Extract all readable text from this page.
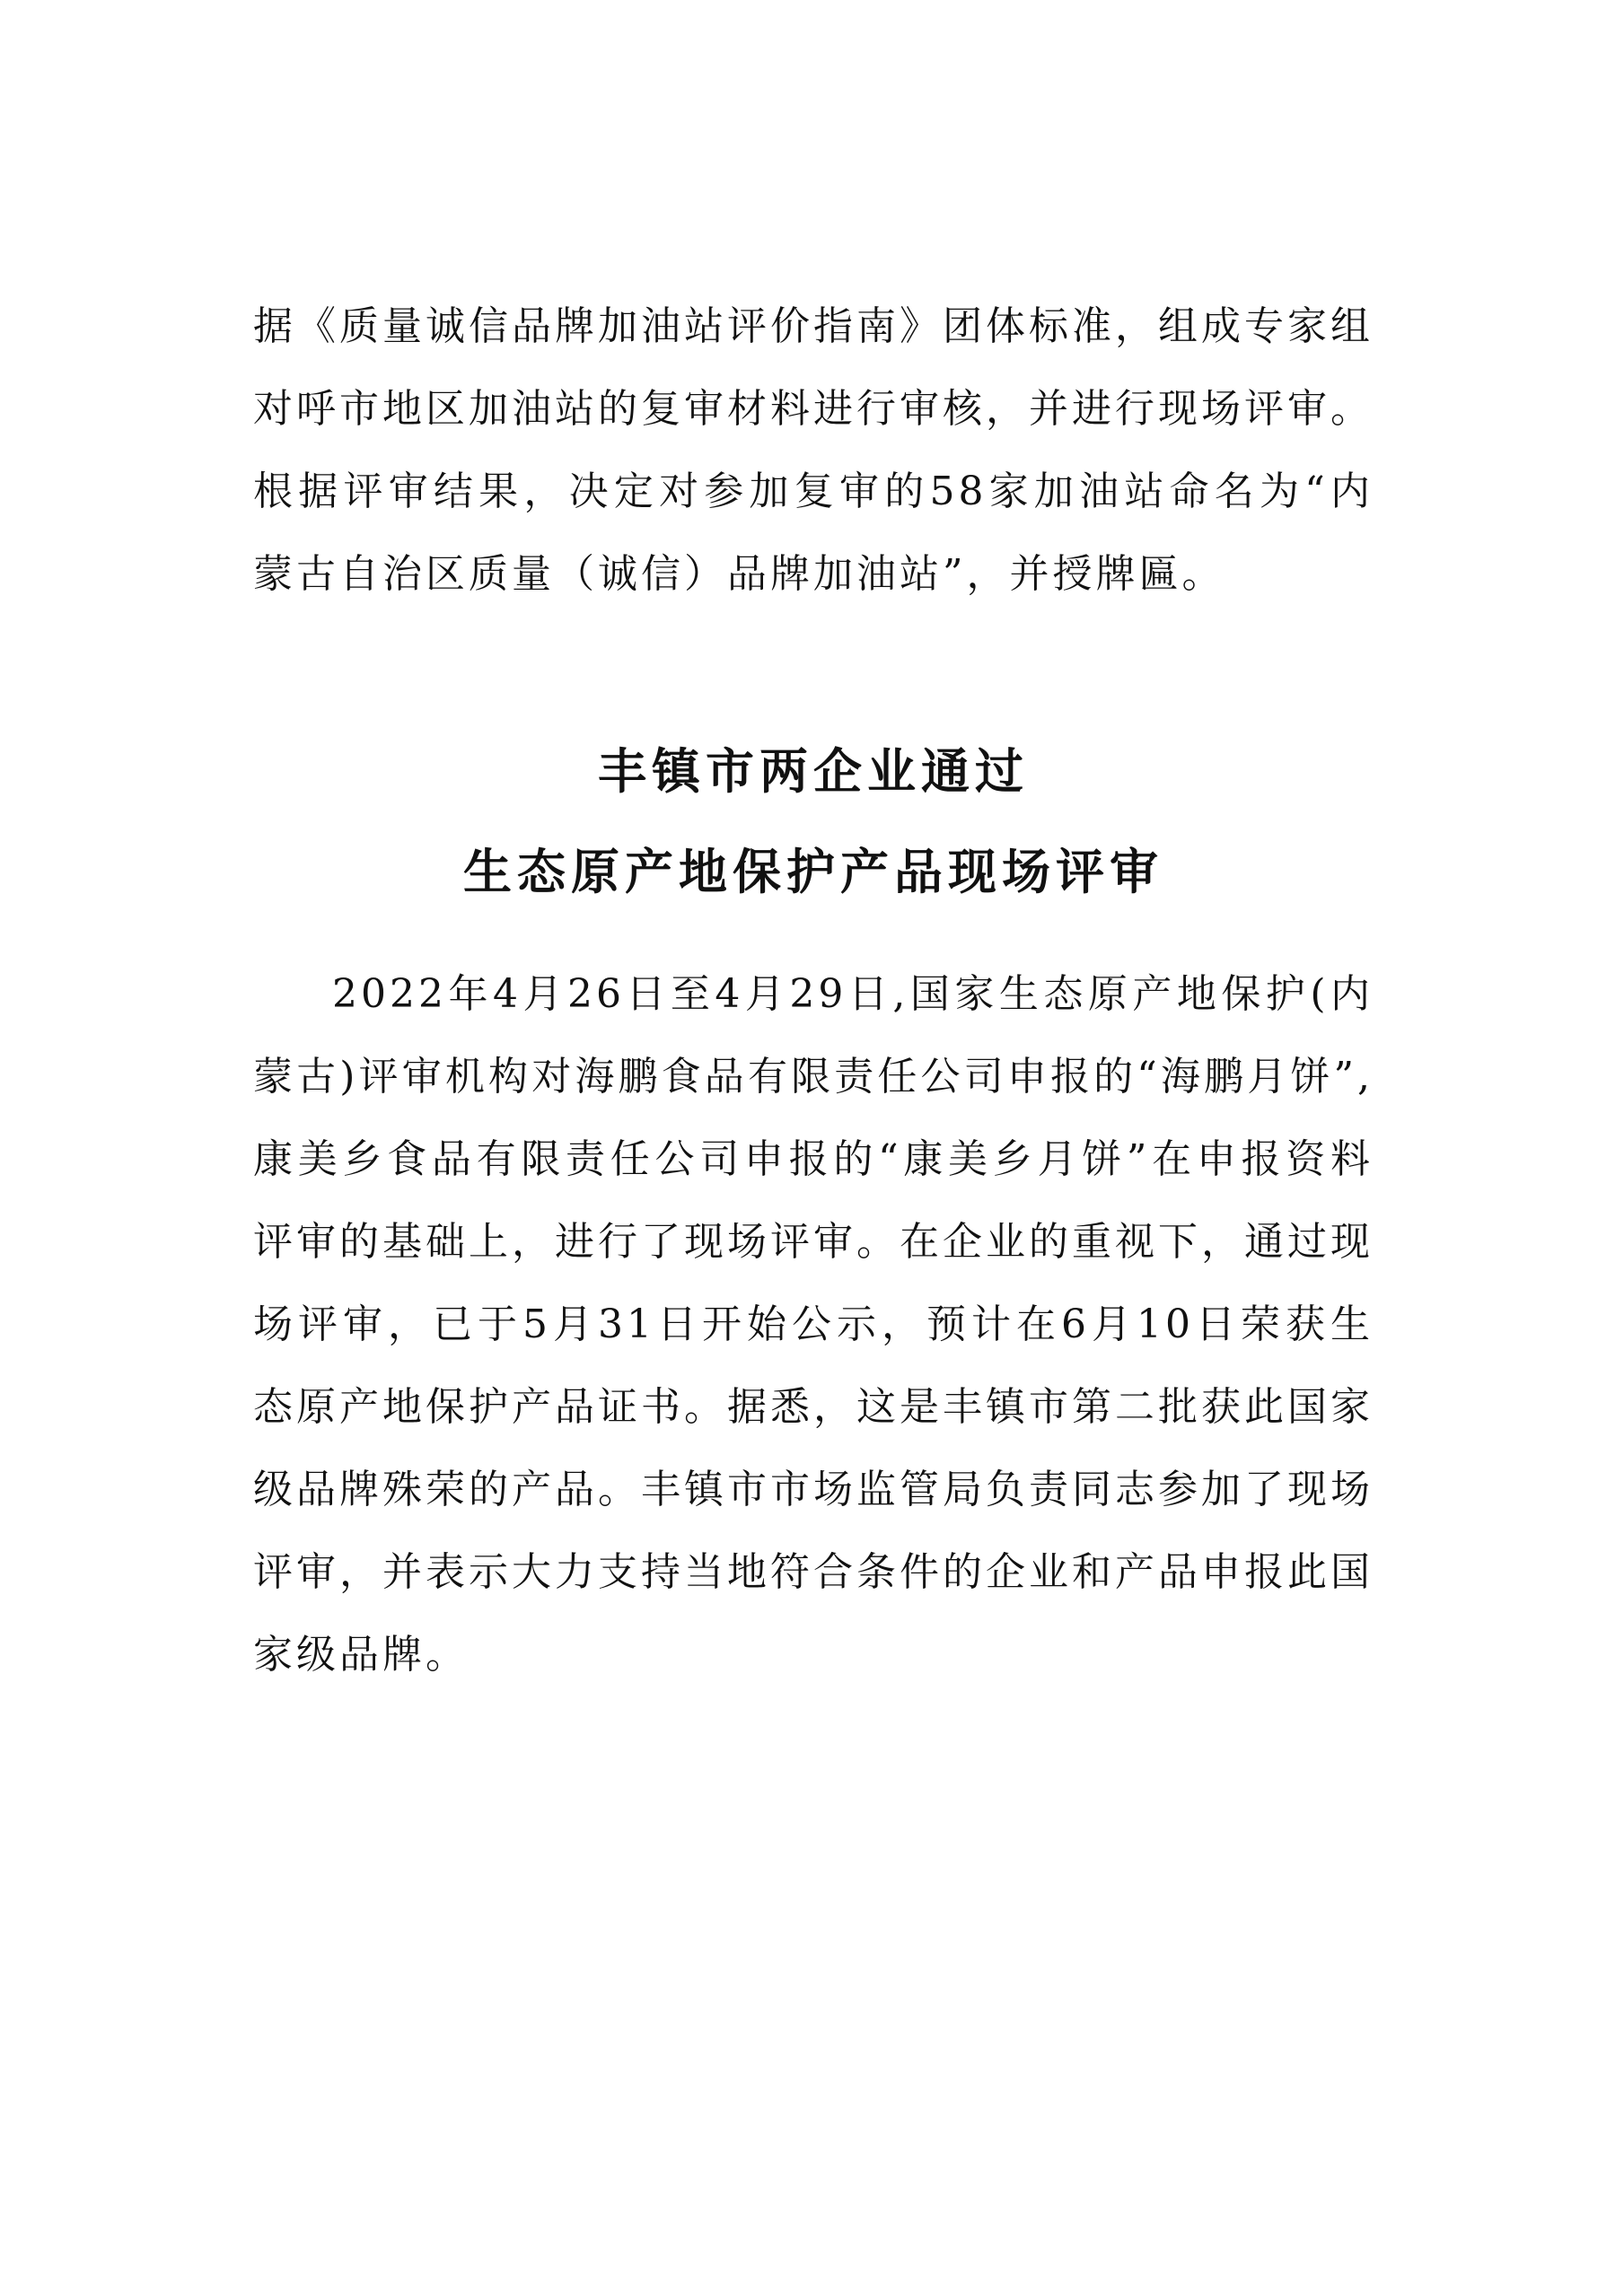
据《质量诚信品牌加油站评价指南》团体标准，组成专家组
对呼市地区加油站的复审材料进行审核，并进行现场评审。
根据评审结果，决定对参加复审的58家加油站命名为“内
蒙古自治区质量（诚信）品牌加油站”，并授牌匾。
丰镇市两企业通过
生态原产地保护产品现场评审
2022年4月26日至4月29日,国家生态原产地保护(内
蒙古)评审机构对海鹏食品有限责任公司申报的“海鹏月饼”,
康美乡食品有限责任公司申报的“康美乡月饼”在申报资料
评审的基础上，进行了现场评审。在企业的重视下，通过现
场评审，已于5月31日开始公示，预计在6月10日荣获生
态原产地保护产品证书。据悉，这是丰镇市第二批获此国家
级品牌殊荣的产品。丰镇市市场监管局负责同志参加了现场
评审，并表示大力支持当地符合条件的企业和产品申报此国
家级品牌。
